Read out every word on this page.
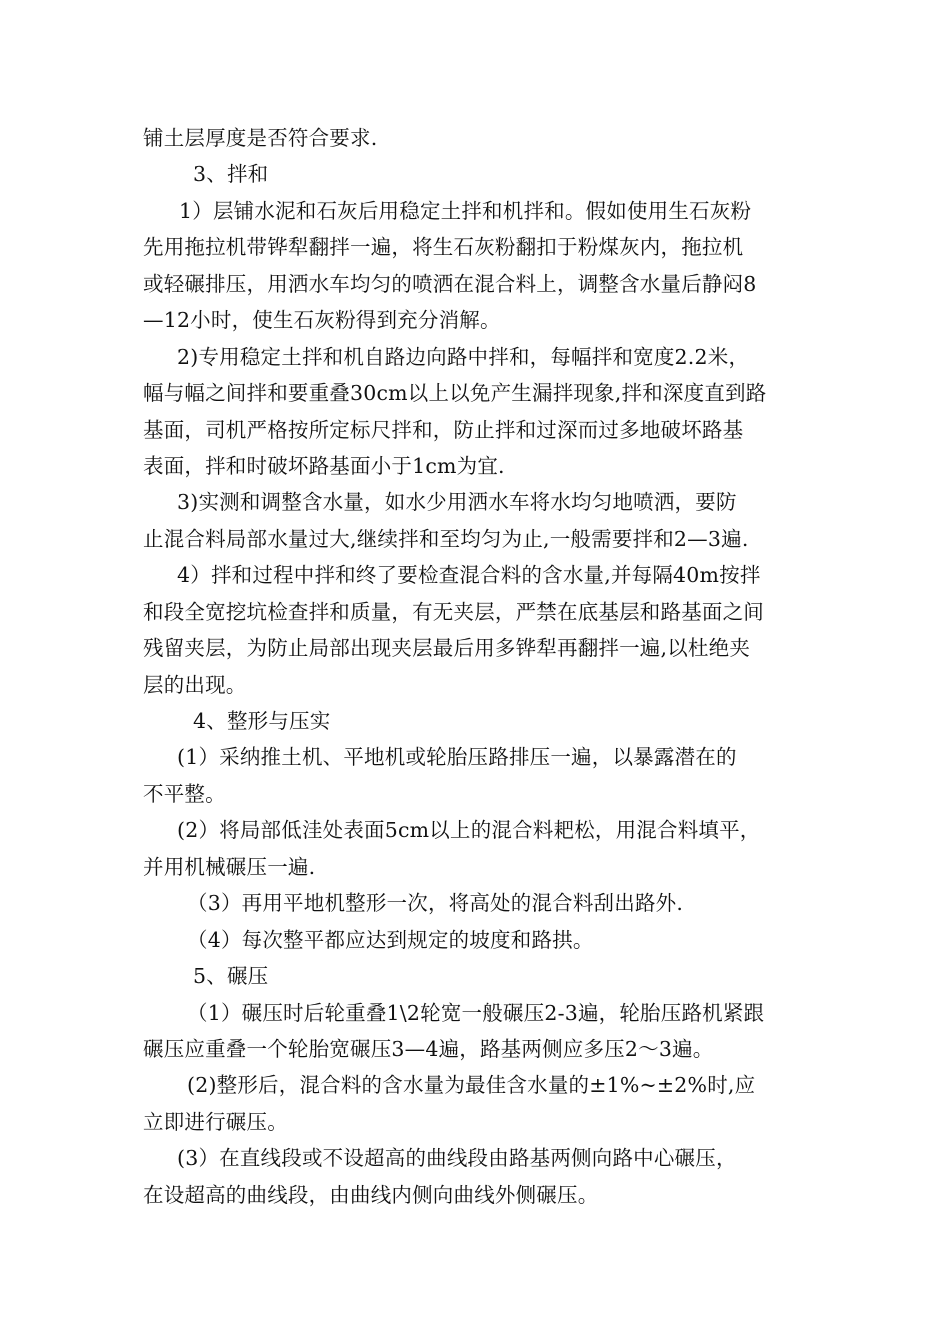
铺土层厚度是否符合要求.
3、拌和
1）层铺水泥和石灰后用稳定土拌和机拌和。假如使用生石灰粉
先用拖拉机带铧犁翻拌一遍，将生石灰粉翻扣于粉煤灰内，拖拉机
或轻碾排压，用洒水车均匀的喷洒在混合料上，调整含水量后静闷8
—12小时，使生石灰粉得到充分消解。
2)专用稳定土拌和机自路边向路中拌和，每幅拌和宽度2.2米，
幅与幅之间拌和要重叠30cm以上以免产生漏拌现象,拌和深度直到路
基面，司机严格按所定标尺拌和，防止拌和过深而过多地破坏路基
表面，拌和时破坏路基面小于1cm为宜.
3)实测和调整含水量，如水少用洒水车将水均匀地喷洒，要防
止混合料局部水量过大,继续拌和至均匀为止,一般需要拌和2—3遍.
4）拌和过程中拌和终了要检查混合料的含水量,并每隔40m按拌
和段全宽挖坑检查拌和质量，有无夹层，严禁在底基层和路基面之间
残留夹层，为防止局部出现夹层最后用多铧犁再翻拌一遍,以杜绝夹
层的出现。
4、整形与压实
(1）采纳推土机、平地机或轮胎压路排压一遍，以暴露潜在的
不平整。
(2）将局部低洼处表面5cm以上的混合料耙松，用混合料填平，
并用机械碾压一遍.
（3）再用平地机整形一次，将高处的混合料刮出路外.
（4）每次整平都应达到规定的坡度和路拱。
5、碾压
（1）碾压时后轮重叠1\2轮宽一般碾压2-3遍，轮胎压路机紧跟
碾压应重叠一个轮胎宽碾压3—4遍，路基两侧应多压2～3遍。
(2)整形后，混合料的含水量为最佳含水量的±1%~±2%时,应
立即进行碾压。
(3）在直线段或不设超高的曲线段由路基两侧向路中心碾压，
在设超高的曲线段，由曲线内侧向曲线外侧碾压。
